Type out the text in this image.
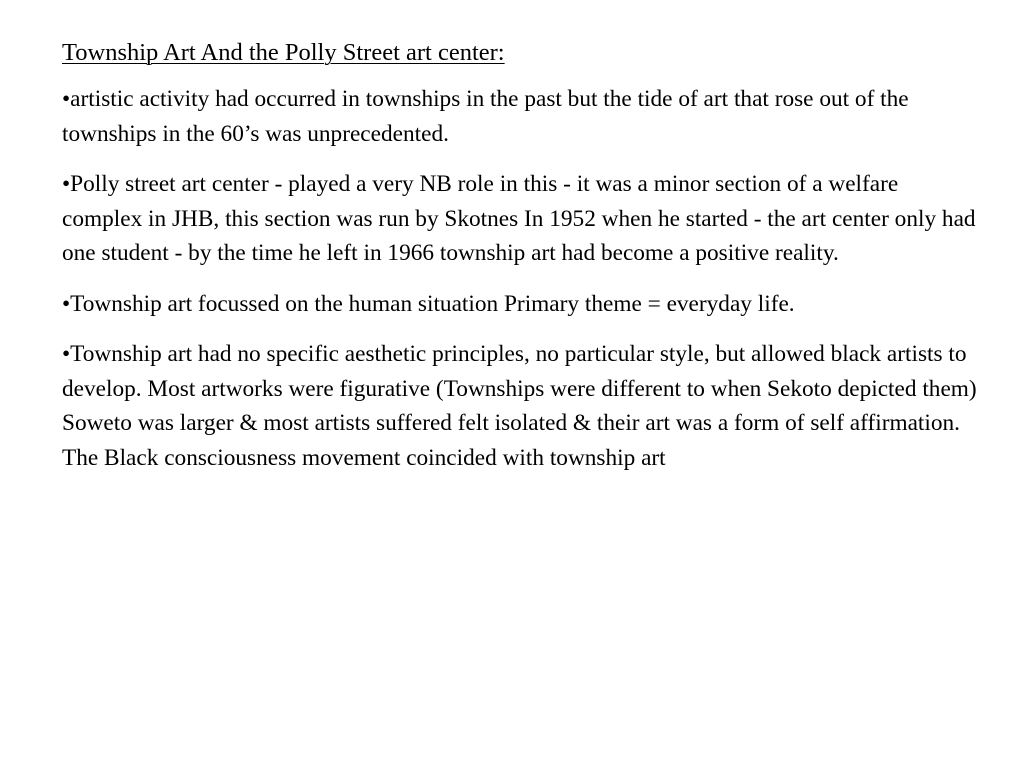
Township Art And the Polly Street art center:
•artistic activity had occurred in townships in the past but the tide of art that rose out of the townships in the 60’s was unprecedented.
•Polly street art center - played a very NB role in this - it was a minor section of a welfare complex in JHB, this section was run by Skotnes In 1952 when he started - the art center only had one student - by the time he left in 1966 township art had become a positive reality.
•Township art focussed on the human situation Primary theme = everyday life.
•Township art had no specific aesthetic principles, no particular style, but allowed black artists to develop. Most artworks were figurative (Townships were different to when Sekoto depicted them) Soweto was larger & most artists suffered felt isolated & their art was a form of self affirmation. The Black consciousness movement coincided with township art
